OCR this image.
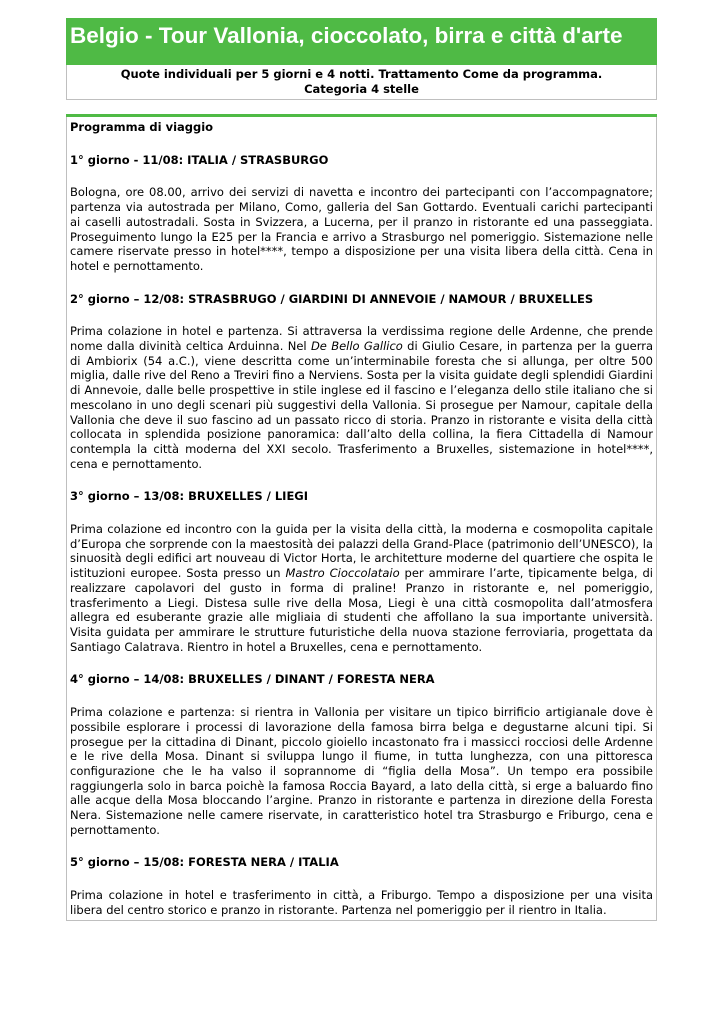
Belgio - Tour Vallonia, cioccolato, birra e città d'arte
Quote individuali per 5 giorni e 4 notti. Trattamento Come da programma.
Categoria 4 stelle

Programma di viaggio

1° giorno - 11/08: ITALIA / STRASBURGO

Bologna, ore 08.00, arrivo dei servizi di navetta e incontro dei partecipanti con l’accompagnatore; partenza via autostrada per Milano, Como, galleria del San Gottardo. Eventuali carichi partecipanti ai caselli autostradali. Sosta in Svizzera, a Lucerna, per il pranzo in ristorante ed una passeggiata. Proseguimento lungo la E25 per la Francia e arrivo a Strasburgo nel pomeriggio. Sistemazione nelle camere riservate presso in hotel****, tempo a disposizione per una visita libera della città. Cena in hotel e pernottamento.

2° giorno – 12/08: STRASBRUGO / GIARDINI DI ANNEVOIE / NAMOUR / BRUXELLES

Prima colazione in hotel e partenza. Si attraversa la verdissima regione delle Ardenne, che prende nome dalla divinità celtica Arduinna. Nel De Bello Gallico di Giulio Cesare, in partenza per la guerra di Ambiorix (54 a.C.), viene descritta come un’interminabile foresta che si allunga, per oltre 500 miglia, dalle rive del Reno a Treviri fino a Nerviens. Sosta per la visita guidate degli splendidi Giardini di Annevoie, dalle belle prospettive in stile inglese ed il fascino e l’eleganza dello stile italiano che si mescolano in uno degli scenari più suggestivi della Vallonia. Si prosegue per Namour, capitale della Vallonia che deve il suo fascino ad un passato ricco di storia. Pranzo in ristorante e visita della città collocata in splendida posizione panoramica: dall’alto della collina, la fiera Cittadella di Namour contempla la città moderna del XXI secolo. Trasferimento a Bruxelles, sistemazione in hotel****, cena e pernottamento.

3° giorno – 13/08: BRUXELLES / LIEGI

Prima colazione ed incontro con la guida per la visita della città, la moderna e cosmopolita capitale d’Europa che sorprende con la maestosità dei palazzi della Grand-Place (patrimonio dell’UNESCO), la sinuosità degli edifici art nouveau di Victor Horta, le architetture moderne del quartiere che ospita le istituzioni europee. Sosta presso un Mastro Cioccolataio per ammirare l’arte, tipicamente belga, di realizzare capolavori del gusto in forma di praline! Pranzo in ristorante e, nel pomeriggio, trasferimento a Liegi. Distesa sulle rive della Mosa, Liegi è una città cosmopolita dall’atmosfera allegra ed esuberante grazie alle migliaia di studenti che affollano la sua importante università. Visita guidata per ammirare le strutture futuristiche della nuova stazione ferroviaria, progettata da Santiago Calatrava. Rientro in hotel a Bruxelles, cena e pernottamento.

4° giorno – 14/08: BRUXELLES / DINANT / FORESTA NERA

Prima colazione e partenza: si rientra in Vallonia per visitare un tipico birrificio artigianale dove è possibile esplorare i processi di lavorazione della famosa birra belga e degustarne alcuni tipi. Si prosegue per la cittadina di Dinant, piccolo gioiello incastonato fra i massicci rocciosi delle Ardenne e le rive della Mosa. Dinant si sviluppa lungo il fiume, in tutta lunghezza, con una pittoresca configurazione che le ha valso il soprannome di “figlia della Mosa”. Un tempo era possibile raggiungerla solo in barca poichè la famosa Roccia Bayard, a lato della città, si erge a baluardo fino alle acque della Mosa bloccando l’argine. Pranzo in ristorante e partenza in direzione della Foresta Nera. Sistemazione nelle camere riservate, in caratteristico hotel tra Strasburgo e Friburgo, cena e pernottamento.

5° giorno – 15/08: FORESTA NERA / ITALIA

Prima colazione in hotel e trasferimento in città, a Friburgo. Tempo a disposizione per una visita libera del centro storico e pranzo in ristorante. Partenza nel pomeriggio per il rientro in Italia.
